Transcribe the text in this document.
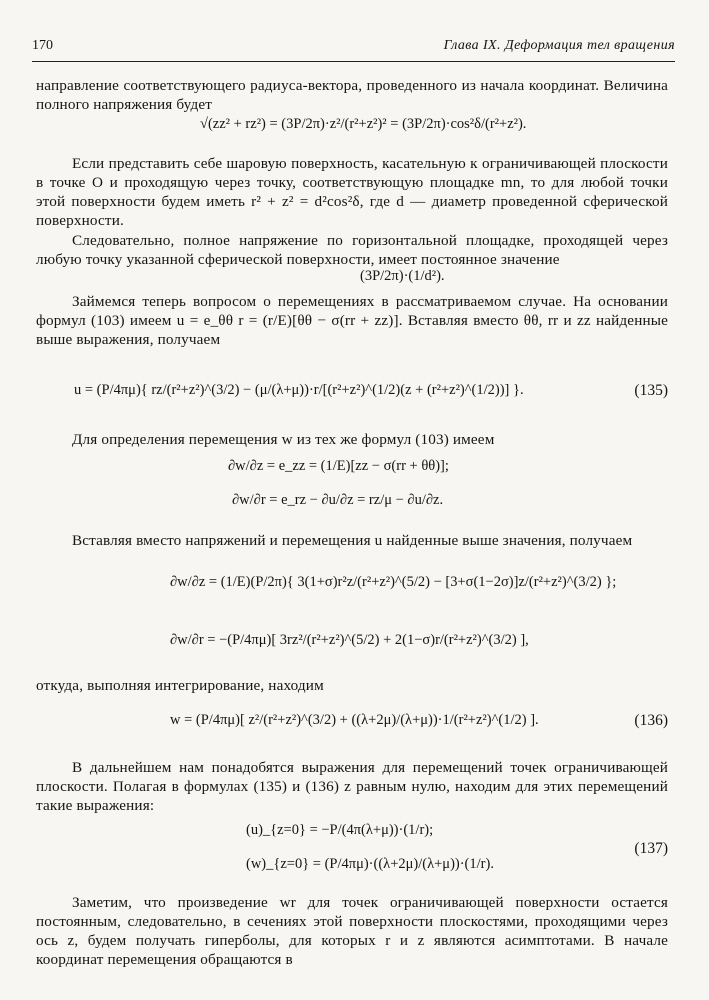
170	Глава IX. Деформация тел вращения
направление соответствующего радиуса-вектора, проведенного из начала координат. Величина полного напряжения будет
√(zz² + rz²) = (3P/2π)·z²/(r²+z²)² = (3P/2π)·cos²δ/(r²+z²).
Если представить себе шаровую поверхность, касательную к ограничивающей плоскости в точке O и проходящую через точку, соответствующую площадке mn, то для любой точки этой поверхности будем иметь r² + z² = d²cos²δ, где d — диаметр проведенной сферической поверхности.
Следовательно, полное напряжение по горизонтальной площадке, проходящей через любую точку указанной сферической поверхности, имеет постоянное значение
(3P/2π)·(1/d²).
Займемся теперь вопросом о перемещениях в рассматриваемом случае. На основании формул (103) имеем u = e_θθ r = (r/E)[θθ − σ(rr + zz)]. Вставляя вместо θθ, rr и zz найденные выше выражения, получаем
u = (P/4πμ){ rz/(r²+z²)^(3/2) − (μ/(λ+μ))·r/[(r²+z²)^(1/2)(z + (r²+z²)^(1/2))] }.	(135)
Для определения перемещения w из тех же формул (103) имеем
∂w/∂z = e_zz = (1/E)[zz − σ(rr + θθ)];
∂w/∂r = e_rz − ∂u/∂z = rz/μ − ∂u/∂z.
Вставляя вместо напряжений и перемещения u найденные выше значения, получаем
∂w/∂z = (1/E)(P/2π){ 3(1+σ)r²z/(r²+z²)^(5/2) − [3+σ(1−2σ)]z/(r²+z²)^(3/2) };
∂w/∂r = −(P/4πμ)[ 3rz²/(r²+z²)^(5/2) + 2(1−σ)r/(r²+z²)^(3/2) ],
откуда, выполняя интегрирование, находим
w = (P/4πμ)[ z²/(r²+z²)^(3/2) + ((λ+2μ)/(λ+μ))·1/(r²+z²)^(1/2) ].	(136)
В дальнейшем нам понадобятся выражения для перемещений точек ограничивающей плоскости. Полагая в формулах (135) и (136) z равным нулю, находим для этих перемещений такие выражения:
(u)_{z=0} = −P/(4π(λ+μ))·(1/r);
(w)_{z=0} = (P/4πμ)·((λ+2μ)/(λ+μ))·(1/r).
(137)
Заметим, что произведение wr для точек ограничивающей поверхности остается постоянным, следовательно, в сечениях этой поверхности плоскостями, проходящими через ось z, будем получать гиперболы, для которых r и z являются асимптотами. В начале координат перемещения обращаются в
